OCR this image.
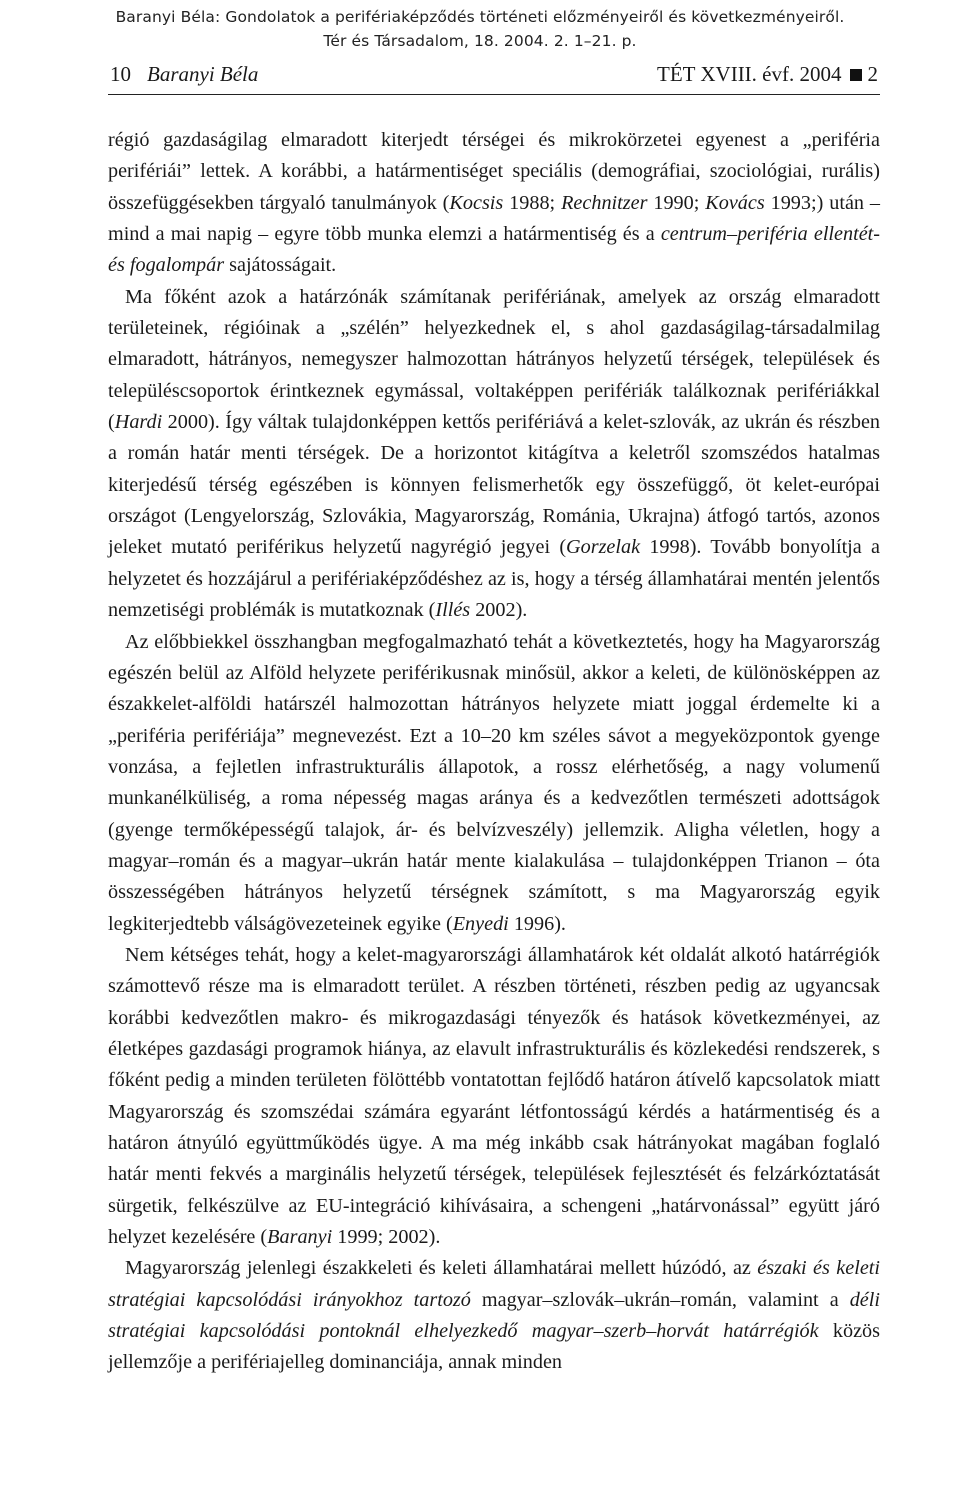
Baranyi Béla: Gondolatok a perifériaképződés történeti előzményeiről és következményeiről.
Tér és Társadalom, 18. 2004. 2. 1–21. p.
10 Baranyi Béla	TÉT XVIII. évf. 2004 2

régió gazdaságilag elmaradott kiterjedt térségei és mikrokörzetei egyenest a „periféria perifériái” lettek. A korábbi, a határmentiséget speciális (demográfiai, szociológiai, rurális) összefüggésekben tárgyaló tanulmányok (Kocsis 1988; Rechnitzer 1990; Kovács 1993;) után – mind a mai napig – egyre több munka elemzi a határmentiség és a centrum–periféria ellentét- és fogalompár sajátosságait.

Ma főként azok a határzónák számítanak perifériának, amelyek az ország elmaradott területeinek, régióinak a „szélén” helyezkednek el, s ahol gazdaságilag-társadalmilag elmaradott, hátrányos, nemegyszer halmozottan hátrányos helyzetű térségek, települések és településcsoportok érintkeznek egymással, voltaképpen perifériák találkoznak perifériákkal (Hardi 2000). Így váltak tulajdonképpen kettős perifériává a kelet-szlovák, az ukrán és részben a román határ menti térségek. De a horizontot kitágítva a keletről szomszédos hatalmas kiterjedésű térség egészében is könnyen felismerhetők egy összefüggő, öt kelet-európai országot (Lengyelország, Szlovákia, Magyarország, Románia, Ukrajna) átfogó tartós, azonos jeleket mutató periférikus helyzetű nagyrégió jegyei (Gorzelak 1998). Tovább bonyolítja a helyzetet és hozzájárul a perifériaképződéshez az is, hogy a térség államhatárai mentén jelentős nemzetiségi problémák is mutatkoznak (Illés 2002).

Az előbbiekkel összhangban megfogalmazható tehát a következtetés, hogy ha Magyarország egészén belül az Alföld helyzete periférikusnak minősül, akkor a keleti, de különösképpen az északkelet-alföldi határszél halmozottan hátrányos helyzete miatt joggal érdemelte ki a „periféria perifériája” megnevezést. Ezt a 10–20 km széles sávot a megyeközpontok gyenge vonzása, a fejletlen infrastrukturális állapotok, a rossz elérhetőség, a nagy volumenű munkanélküliség, a roma népesség magas aránya és a kedvezőtlen természeti adottságok (gyenge termőképességű talajok, ár- és belvízveszély) jellemzik. Aligha véletlen, hogy a magyar–román és a magyar–ukrán határ mente kialakulása – tulajdonképpen Trianon – óta összességében hátrányos helyzetű térségnek számított, s ma Magyarország egyik legkiterjedtebb válságövezeteinek egyike (Enyedi 1996).

Nem kétséges tehát, hogy a kelet-magyarországi államhatárok két oldalát alkotó határrégiók számottevő része ma is elmaradott terület. A részben történeti, részben pedig az ugyancsak korábbi kedvezőtlen makro- és mikrogazdasági tényezők és hatások következményei, az életképes gazdasági programok hiánya, az elavult infrastrukturális és közlekedési rendszerek, s főként pedig a minden területen fölöttébb vontatottan fejlődő határon átívelő kapcsolatok miatt Magyarország és szomszédai számára egyaránt létfontosságú kérdés a határmentiség és a határon átnyúló együttműködés ügye. A ma még inkább csak hátrányokat magában foglaló határ menti fekvés a marginális helyzetű térségek, települések fejlesztését és felzárkóztatását sürgetik, felkészülve az EU-integráció kihívásaira, a schengeni „határvonással” együtt járó helyzet kezelésére (Baranyi 1999; 2002).

Magyarország jelenlegi északkeleti és keleti államhatárai mellett húzódó, az északi és keleti stratégiai kapcsolódási irányokhoz tartozó magyar–szlovák–ukrán–román, valamint a déli stratégiai kapcsolódási pontoknál elhelyezkedő magyar–szerb–horvát határrégiók közös jellemzője a perifériajelleg dominanciája, annak minden
